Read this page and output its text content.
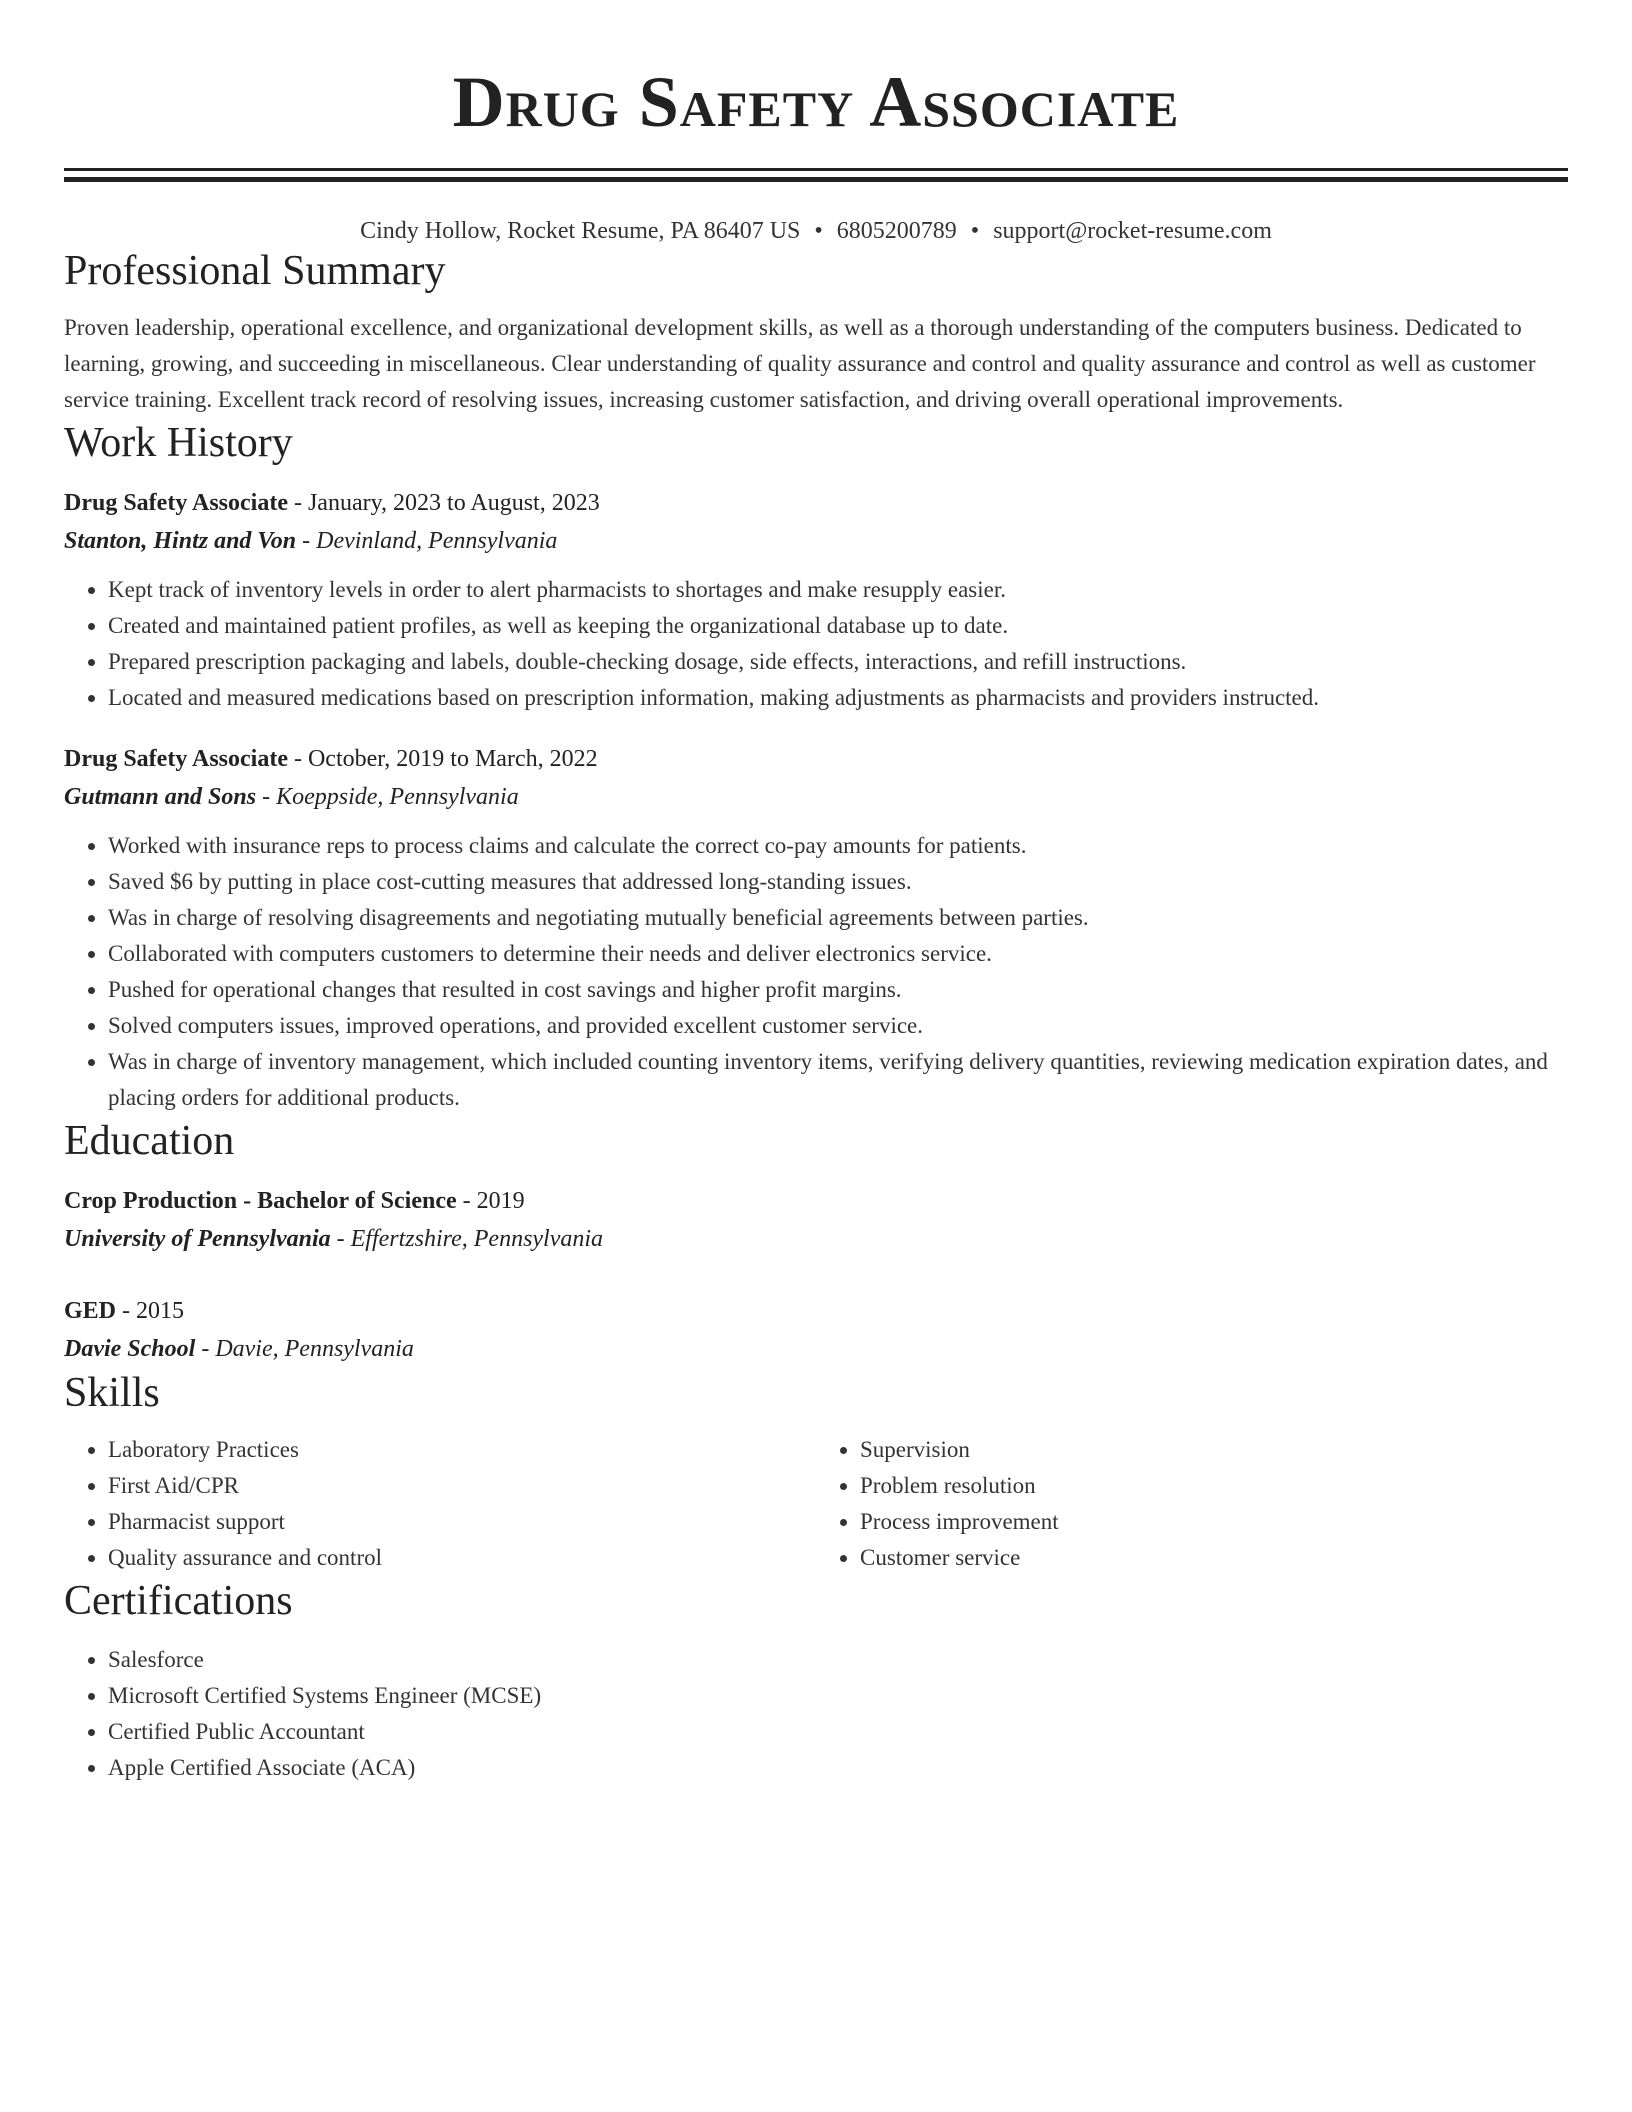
Drug Safety Associate
Cindy Hollow, Rocket Resume, PA 86407 US • 6805200789 • support@rocket-resume.com
Professional Summary

Proven leadership, operational excellence, and organizational development skills, as well as a thorough understanding of the computers business. Dedicated to learning, growing, and succeeding in miscellaneous. Clear understanding of quality assurance and control and quality assurance and control as well as customer service training. Excellent track record of resolving issues, increasing customer satisfaction, and driving overall operational improvements.

Work History
Drug Safety Associate - January, 2023 to August, 2023
Stanton, Hintz and Von - Devinland, Pennsylvania
• Kept track of inventory levels in order to alert pharmacists to shortages and make resupply easier.
• Created and maintained patient profiles, as well as keeping the organizational database up to date.
• Prepared prescription packaging and labels, double-checking dosage, side effects, interactions, and refill instructions.
• Located and measured medications based on prescription information, making adjustments as pharmacists and providers instructed.
Drug Safety Associate - October, 2019 to March, 2022
Gutmann and Sons - Koeppside, Pennsylvania
• Worked with insurance reps to process claims and calculate the correct co-pay amounts for patients.
• Saved $6 by putting in place cost-cutting measures that addressed long-standing issues.
• Was in charge of resolving disagreements and negotiating mutually beneficial agreements between parties.
• Collaborated with computers customers to determine their needs and deliver electronics service.
• Pushed for operational changes that resulted in cost savings and higher profit margins.
• Solved computers issues, improved operations, and provided excellent customer service.
• Was in charge of inventory management, which included counting inventory items, verifying delivery quantities, reviewing medication expiration dates, and placing orders for additional products.
Education
Crop Production - Bachelor of Science - 2019
University of Pennsylvania - Effertzshire, Pennsylvania
GED - 2015
Davie School - Davie, Pennsylvania
Skills
• Laboratory Practices
• First Aid/CPR
• Pharmacist support
• Quality assurance and control
• Supervision
• Problem resolution
• Process improvement
• Customer service
Certifications
• Salesforce
• Microsoft Certified Systems Engineer (MCSE)
• Certified Public Accountant
• Apple Certified Associate (ACA)
